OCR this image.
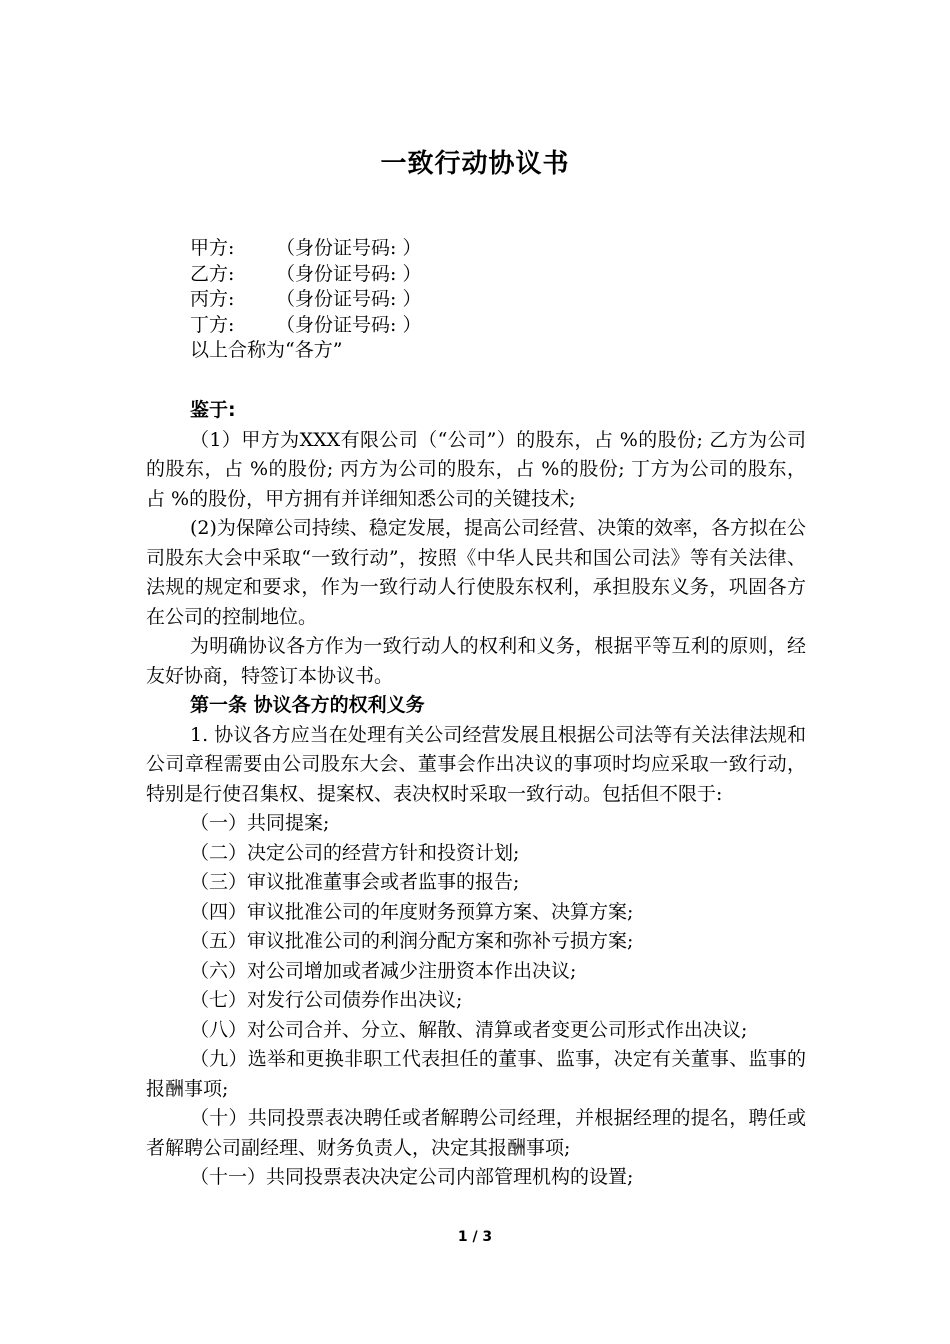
一致行动协议书
甲方: （身份证号码: ）
乙方: （身份证号码: ）
丙方: （身份证号码: ）
丁方: （身份证号码: ）
以上合称为“各方”

鉴于:

（1）甲方为XXX有限公司（“公司”）的股东，占 %的股份; 乙方为公司的股东，占 %的股份; 丙方为公司的股东，占 %的股份; 丁方为公司的股东， 占 %的股份，甲方拥有并详细知悉公司的关键技术;

(2)为保障公司持续、稳定发展，提高公司经营、决策的效率，各方拟在公司股东大会中采取“一致行动”，按照《中华人民共和国公司法》等有关法律、法规的规定和要求，作为一致行动人行使股东权利，承担股东义务，巩固各方在公司的控制地位。

为明确协议各方作为一致行动人的权利和义务，根据平等互利的原则，经友好协商，特签订本协议书。

第一条 协议各方的权利义务

1. 协议各方应当在处理有关公司经营发展且根据公司法等有关法律法规和公司章程需要由公司股东大会、董事会作出决议的事项时均应采取一致行动，特别是行使召集权、提案权、表决权时采取一致行动。包括但不限于:

（一）共同提案;

（二）决定公司的经营方针和投资计划;

（三）审议批准董事会或者监事的报告;

（四）审议批准公司的年度财务预算方案、决算方案;

（五）审议批准公司的利润分配方案和弥补亏损方案;

（六）对公司增加或者减少注册资本作出决议;

（七）对发行公司债券作出决议;

（八）对公司合并、分立、解散、清算或者变更公司形式作出决议;

（九）选举和更换非职工代表担任的董事、监事，决定有关董事、监事的报酬事项;

（十）共同投票表决聘任或者解聘公司经理，并根据经理的提名，聘任或者解聘公司副经理、财务负责人，决定其报酬事项;

（十一）共同投票表决决定公司内部管理机构的设置;

1 / 3
